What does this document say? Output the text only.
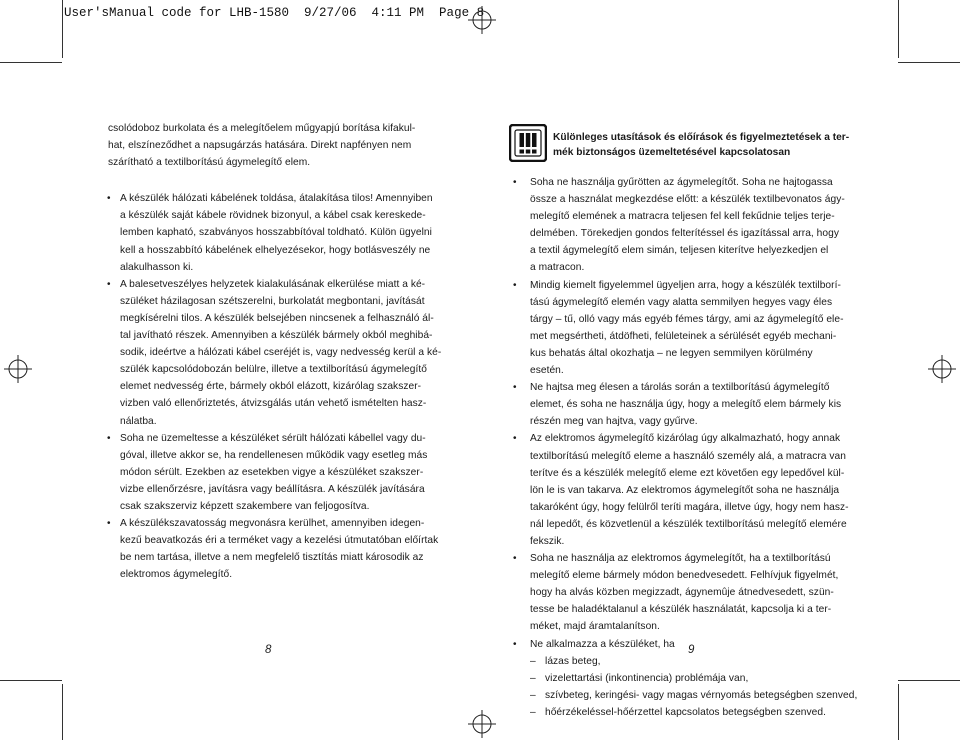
User'sManual code for LHB-1580  9/27/06  4:11 PM  Page 8

csolódoboz burkolata és a melegítőelem műgyapjú borítása kifakul-
hat, elszíneződhet a napsugárzás hatására. Direkt napfényen nem
szárítható a textilborítású ágymelegítő elem.

• A készülék hálózati kábelének toldása, átalakítása tilos! Amennyiben
a készülék saját kábele rövidnek bizonyul, a kábel csak kereskede-
lemben kapható, szabványos hosszabbítóval toldható. Külön ügyelni
kell a hosszabbító kábelének elhelyezésekor, hogy botlásveszély ne
alakulhasson ki.

• A balesetveszélyes helyzetek kialakulásának elkerülése miatt a ké-
szüléket házilagosan szétszerelni, burkolatát megbontani, javítását
megkísérelni tilos. A készülék belsejében nincsenek a felhasználó ál-
tal javítható részek. Amennyiben a készülék bármely okból meghibá-
sodik, ideértve a hálózati kábel cseréjét is, vagy nedvesség kerül a ké-
szülék kapcsolódobozán belülre, illetve a textilborítású ágymelegítő
elemet nedvesség érte, bármely okból elázott, kizárólag szakszer-
vizben való ellenőriztetés, átvizsgálás után vehető ismételten hasz-
nálatba.

• Soha ne üzemeltesse a készüléket sérült hálózati kábellel vagy du-
góval, illetve akkor se, ha rendellenesen működik vagy esetleg más
módon sérült. Ezekben az esetekben vigye a készüléket szakszer-
vizbe ellenőrzésre, javításra vagy beállításra. A készülék javítására
csak szakszerviz képzett szakembere van feljogosítva.

• A készülékszavatosság megvonásra kerülhet, amennyiben idegen-
kezű beavatkozás éri a terméket vagy a kezelési útmutatóban előírtak
be nem tartása, illetve a nem megfelelő tisztítás miatt károsodik az
elektromos ágymelegítő.

8
Különleges utasítások és előírások és figyelmeztetések a ter-
mék biztonságos üzemeltetésével kapcsolatosan

• Soha ne használja gyűrötten az ágymelegítőt. Soha ne hajtogassa
össze a használat megkezdése előtt: a készülék textilbevonatos ágy-
melegítő elemének a matracra teljesen fel kell fekűdnie teljes terje-
delmében. Törekedjen gondos felterítéssel és igazítással arra, hogy
a textil ágymelegítő elem simán, teljesen kiterítve helyezkedjen el
a matracon.

• Mindig kiemelt figyelemmel ügyeljen arra, hogy a készülék textilborí-
tású ágymelegítő elemén vagy alatta semmilyen hegyes vagy éles
tárgy – tű, olló vagy más egyéb fémes tárgy, ami az ágymelegítő ele-
met megsértheti, átdöfheti, felületeinek a sérülését egyéb mechani-
kus behatás által okozhatja – ne legyen semmilyen körülmény
esetén.

• Ne hajtsa meg élesen a tárolás során a textilborítású ágymelegítő
elemet, és soha ne használja úgy, hogy a melegítő elem bármely kis
részén meg van hajtva, vagy gyűrve.

• Az elektromos ágymelegítő kizárólag úgy alkalmazható, hogy annak
textilborítású melegítő eleme a használó személy alá, a matracra van
terítve és a készülék melegítő eleme ezt követően egy lepedővel kül-
lön le is van takarva. Az elektromos ágymelegítőt soha ne használja
takaróként úgy, hogy felülről teríti magára, illetve úgy, hogy nem hasz-
nál lepedőt, és közvetlenül a készülék textilborítású melegítő elemére
fekszik.

• Soha ne használja az elektromos ágymelegítőt, ha a textilborítású
melegítő eleme bármely módon benedvesedett. Felhívjuk figyelmét,
hogy ha alvás közben megizzadt, ágynemûje átnedvesedett, szün-
tesse be haladéktalanul a készülék használatát, kapcsolja ki a ter-
méket, majd áramtalanítson.

• Ne alkalmazza a készüléket, ha

– lázas beteg,
– vizelettartási (inkontinencia) problémája van,
– szívbeteg, keringési- vagy magas vérnyomás betegségben szenved,
– hőérzékeléssel-hőérzettel kapcsolatos betegségben szenved.
9
